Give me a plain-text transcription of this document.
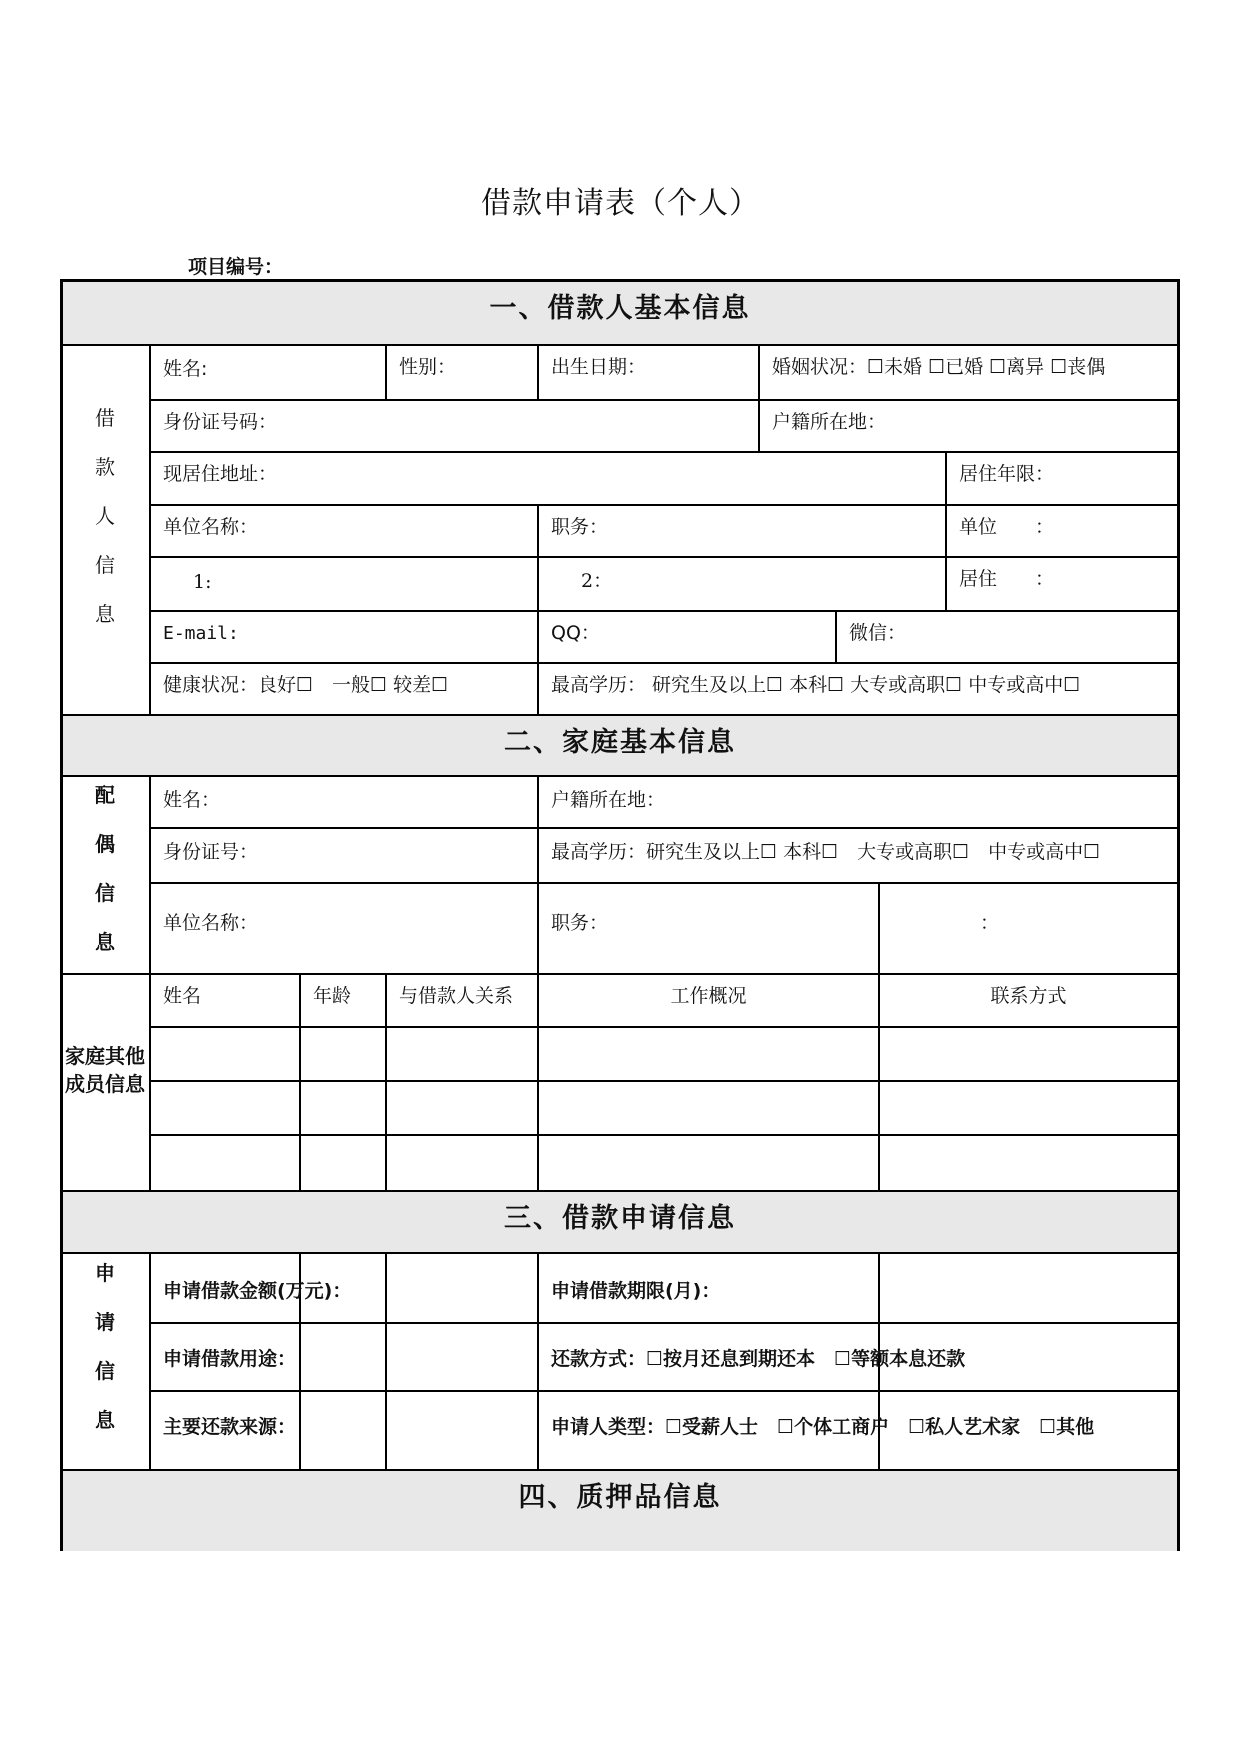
借款申请表（个人）
项目编号：
一、借款人基本信息
借
款
人
信
息
姓名:	性别：	出生日期：	婚姻状况：☐未婚 ☐已婚 ☐离异 ☐丧偶
身份证号码：	户籍所在地：
现居住地址：	居住年限：
单位名称：	职务：	单位　　：
1:	2：	居住　　：
E-mail:	QQ：	微信：
健康状况：良好☐　一般☐ 较差☐	最高学历： 研究生及以上☐ 本科☐ 大专或高职☐ 中专或高中☐
二、家庭基本信息
配
偶
信
息
姓名：	户籍所在地：
身份证号：	最高学历：研究生及以上☐ 本科☐　大专或高职☐　中专或高中☐
单位名称：	职务：	：
家庭其他成员信息
姓名	年龄	与借款人关系	工作概况	联系方式
三、借款申请信息
申
请
信
息
申请借款金额(万元)：	申请借款期限(月)：
申请借款用途：	还款方式：☐按月还息到期还本　☐等额本息还款
主要还款来源：	申请人类型：☐受薪人士　☐个体工商户　☐私人艺术家　☐其他
四、质押品信息
